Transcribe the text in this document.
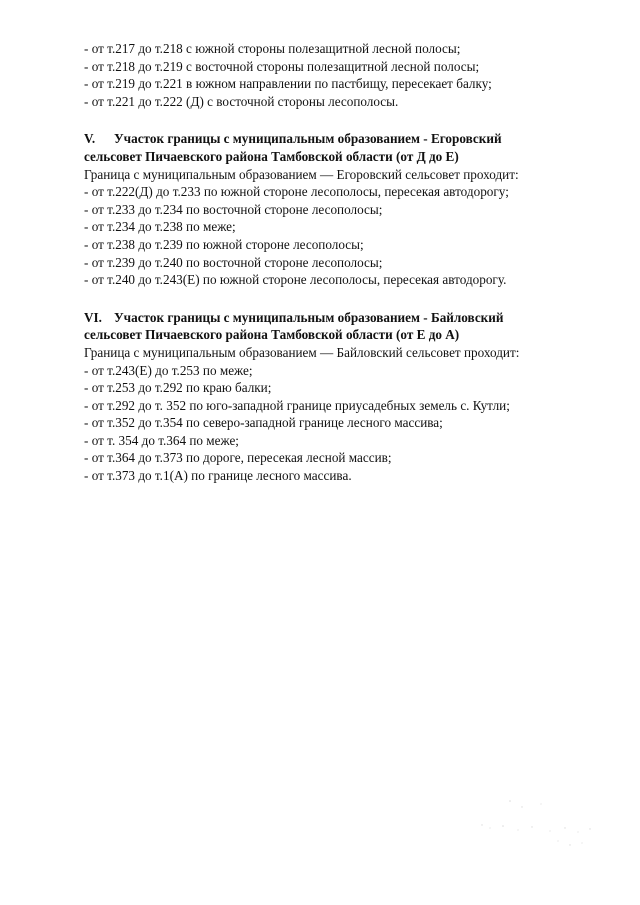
- от т.217 до т.218 с южной стороны полезащитной лесной полосы;
- от т.218 до т.219 с восточной стороны полезащитной лесной полосы;
- от т.219 до т.221 в южном направлении по пастбищу, пересекает балку;
- от т.221 до т.222 (Д) с восточной стороны лесополосы.
V. Участок границы с муниципальным образованием - Егоровский
сельсовет Пичаевского района Тамбовской области (от Д до Е)
Граница с муниципальным образованием — Егоровский сельсовет проходит:
- от т.222(Д) до т.233 по южной стороне лесополосы, пересекая автодорогу;
- от т.233 до т.234 по восточной стороне лесополосы;
- от т.234 до т.238 по меже;
- от т.238 до т.239 по южной стороне лесополосы;
- от т.239 до т.240 по восточной стороне лесополосы;
- от т.240 до т.243(Е) по южной стороне лесополосы, пересекая автодорогу.
VI. Участок границы с муниципальным образованием - Байловский
сельсовет Пичаевского района Тамбовской области (от Е до А)
Граница с муниципальным образованием — Байловский сельсовет проходит:
- от т.243(Е) до т.253 по меже;
- от т.253 до т.292 по краю балки;
- от т.292 до т. 352 по юго-западной границе приусадебных земель с. Кутли;
- от т.352 до т.354 по северо-западной границе лесного массива;
- от т. 354 до т.364 по меже;
- от т.364 до т.373 по дороге, пересекая лесной массив;
- от т.373 до т.1(А) по границе лесного массива.
